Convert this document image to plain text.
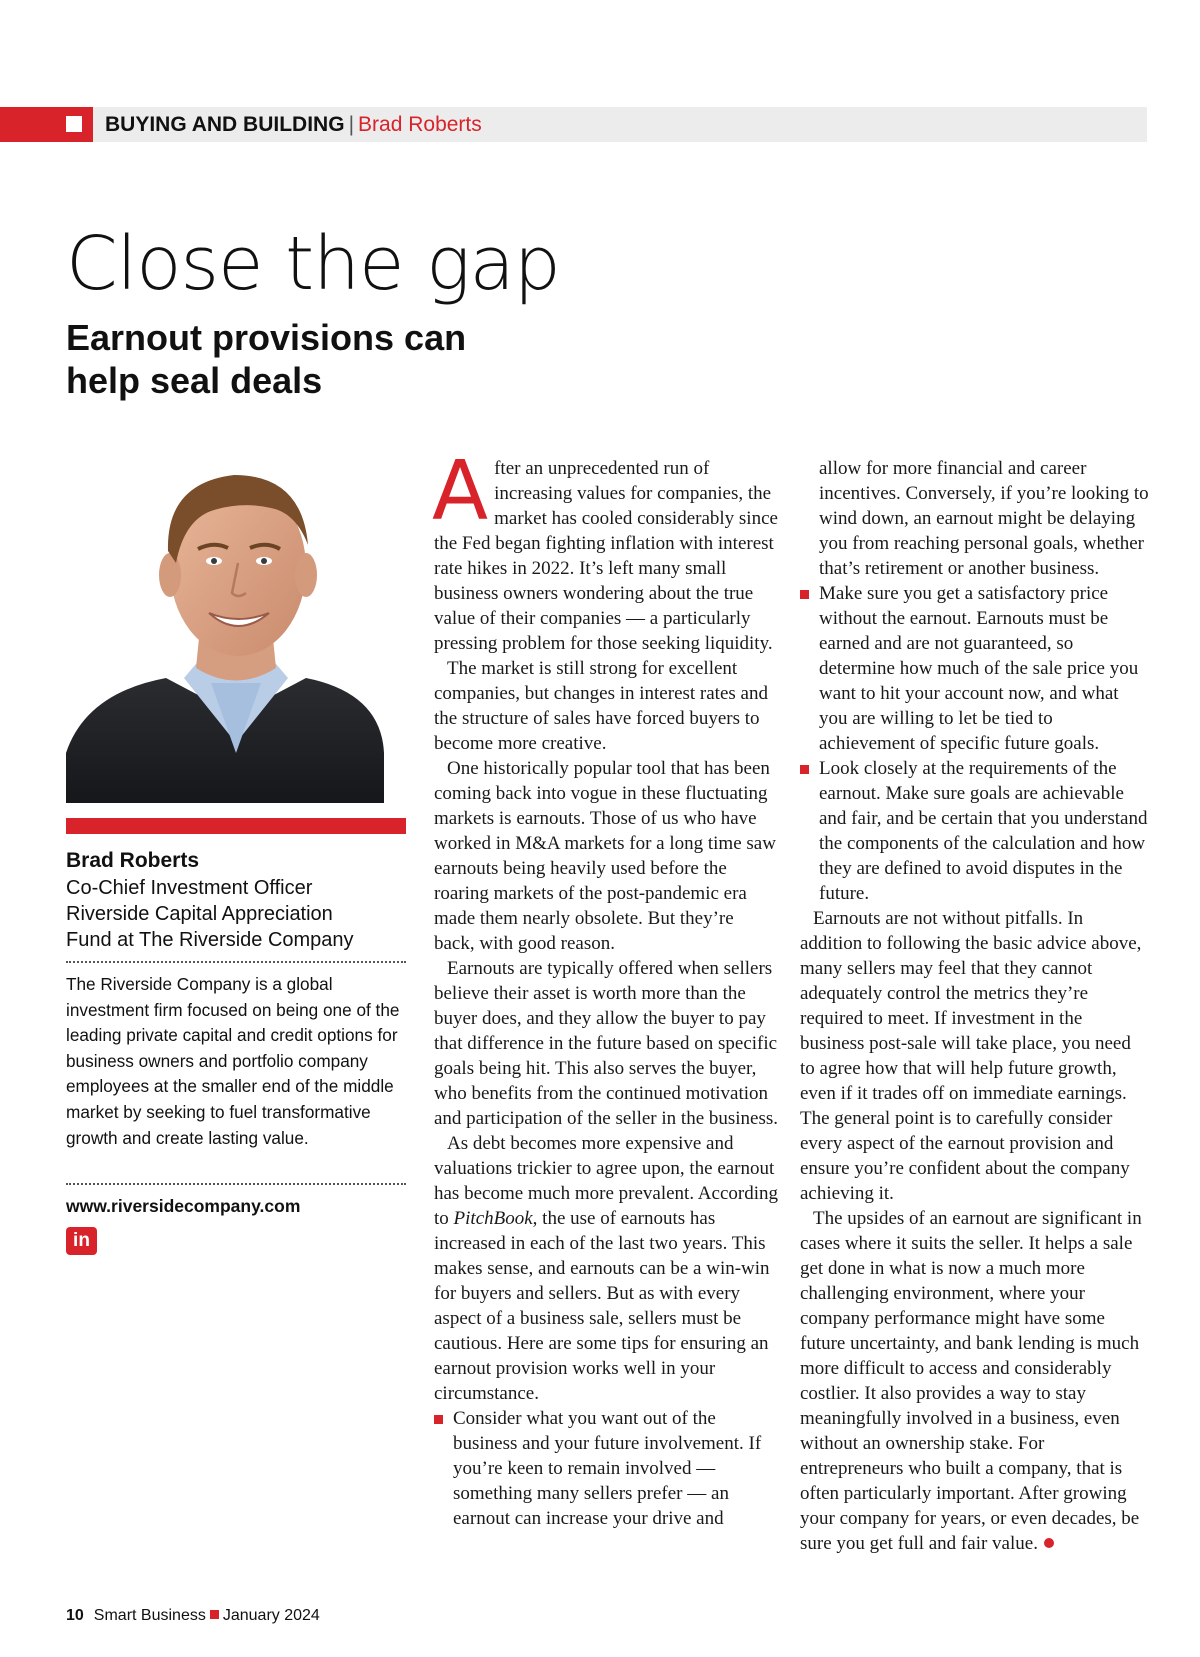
BUYING AND BUILDING | Brad Roberts
Close the gap
Earnout provisions can help seal deals
Brad Roberts
Co-Chief Investment Officer
Riverside Capital Appreciation
Fund at The Riverside Company

The Riverside Company is a global investment firm focused on being one of the leading private capital and credit options for business owners and portfolio company employees at the smaller end of the middle market by seeking to fuel transformative growth and create lasting value.

www.riversidecompany.com
in

After an unprecedented run of increasing values for companies, the market has cooled considerably since the Fed began fighting inflation with interest rate hikes in 2022. It’s left many small business owners wondering about the true value of their companies — a particularly pressing problem for those seeking liquidity.

The market is still strong for excellent companies, but changes in interest rates and the structure of sales have forced buyers to become more creative.

One historically popular tool that has been coming back into vogue in these fluctuating markets is earnouts. Those of us who have worked in M&A markets for a long time saw earnouts being heavily used before the roaring markets of the post-pandemic era made them nearly obsolete. But they’re back, with good reason.

Earnouts are typically offered when sellers believe their asset is worth more than the buyer does, and they allow the buyer to pay that difference in the future based on specific goals being hit. This also serves the buyer, who benefits from the continued motivation and participation of the seller in the business.

As debt becomes more expensive and valuations trickier to agree upon, the earnout has become much more prevalent. According to PitchBook, the use of earnouts has increased in each of the last two years. This makes sense, and earnouts can be a win-win for buyers and sellers. But as with every aspect of a business sale, sellers must be cautious. Here are some tips for ensuring an earnout provision works well in your circumstance.

Consider what you want out of the business and your future involvement. If you’re keen to remain involved — something many sellers prefer — an earnout can increase your drive and

allow for more financial and career incentives. Conversely, if you’re looking to wind down, an earnout might be delaying you from reaching personal goals, whether that’s retirement or another business.

Make sure you get a satisfactory price without the earnout. Earnouts must be earned and are not guaranteed, so determine how much of the sale price you want to hit your account now, and what you are willing to let be tied to achievement of specific future goals.

Look closely at the requirements of the earnout. Make sure goals are achievable and fair, and be certain that you understand the components of the calculation and how they are defined to avoid disputes in the future.

Earnouts are not without pitfalls. In addition to following the basic advice above, many sellers may feel that they cannot adequately control the metrics they’re required to meet. If investment in the business post-sale will take place, you need to agree how that will help future growth, even if it trades off on immediate earnings. The general point is to carefully consider every aspect of the earnout provision and ensure you’re confident about the company achieving it.

The upsides of an earnout are significant in cases where it suits the seller. It helps a sale get done in what is now a much more challenging environment, where your company performance might have some future uncertainty, and bank lending is much more difficult to access and considerably costlier. It also provides a way to stay meaningfully involved in a business, even without an ownership stake. For entrepreneurs who built a company, that is often particularly important. After growing your company for years, or even decades, be sure you get full and fair value.

10 Smart Business January 2024
